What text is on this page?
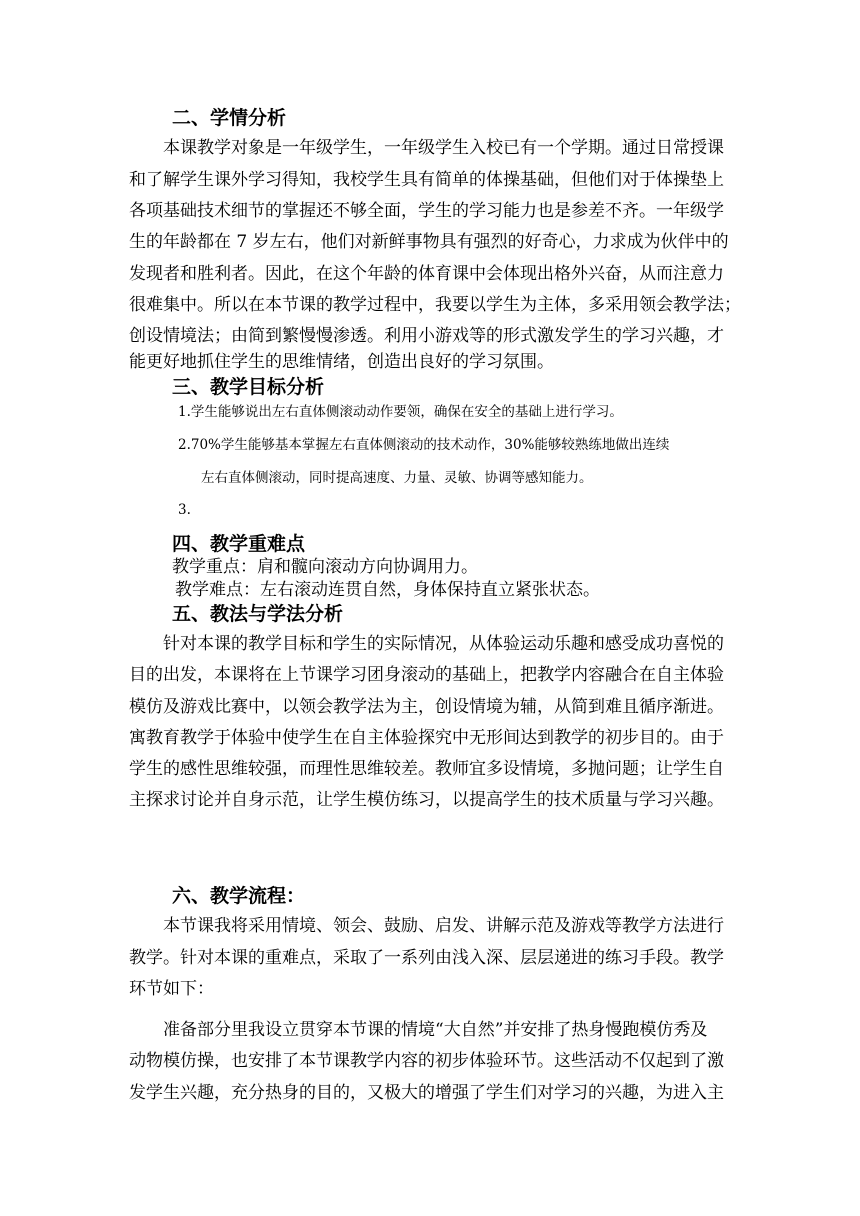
二、学情分析
本课教学对象是一年级学生，一年级学生入校已有一个学期。通过日常授课
和了解学生课外学习得知，我校学生具有简单的体操基础，但他们对于体操垫上
各项基础技术细节的掌握还不够全面，学生的学习能力也是参差不齐。一年级学
生的年龄都在 7 岁左右，他们对新鲜事物具有强烈的好奇心，力求成为伙伴中的
发现者和胜利者。因此，在这个年龄的体育课中会体现出格外兴奋，从而注意力
很难集中。所以在本节课的教学过程中，我要以学生为主体，多采用领会教学法；
创设情境法；由简到繁慢慢渗透。利用小游戏等的形式激发学生的学习兴趣，才
能更好地抓住学生的思维情绪，创造出良好的学习氛围。
三、教学目标分析
1.学生能够说出左右直体侧滚动动作要领，确保在安全的基础上进行学习。
2.70%学生能够基本掌握左右直体侧滚动的技术动作，30%能够较熟练地做出连续
左右直体侧滚动，同时提高速度、力量、灵敏、协调等感知能力。
3.
四、教学重难点
教学重点：肩和髋向滚动方向协调用力。
教学难点：左右滚动连贯自然，身体保持直立紧张状态。
五、教法与学法分析
针对本课的教学目标和学生的实际情况，从体验运动乐趣和感受成功喜悦的
目的出发，本课将在上节课学习团身滚动的基础上，把教学内容融合在自主体验
模仿及游戏比赛中，以领会教学法为主，创设情境为辅，从简到难且循序渐进。
寓教育教学于体验中使学生在自主体验探究中无形间达到教学的初步目的。由于
学生的感性思维较强，而理性思维较差。教师宜多设情境，多抛问题；让学生自
主探求讨论并自身示范，让学生模仿练习，以提高学生的技术质量与学习兴趣。
六、教学流程：
本节课我将采用情境、领会、鼓励、启发、讲解示范及游戏等教学方法进行
教学。针对本课的重难点，采取了一系列由浅入深、层层递进的练习手段。教学
环节如下：
准备部分里我设立贯穿本节课的情境“大自然”并安排了热身慢跑模仿秀及
动物模仿操，也安排了本节课教学内容的初步体验环节。这些活动不仅起到了激
发学生兴趣，充分热身的目的，又极大的增强了学生们对学习的兴趣，为进入主
